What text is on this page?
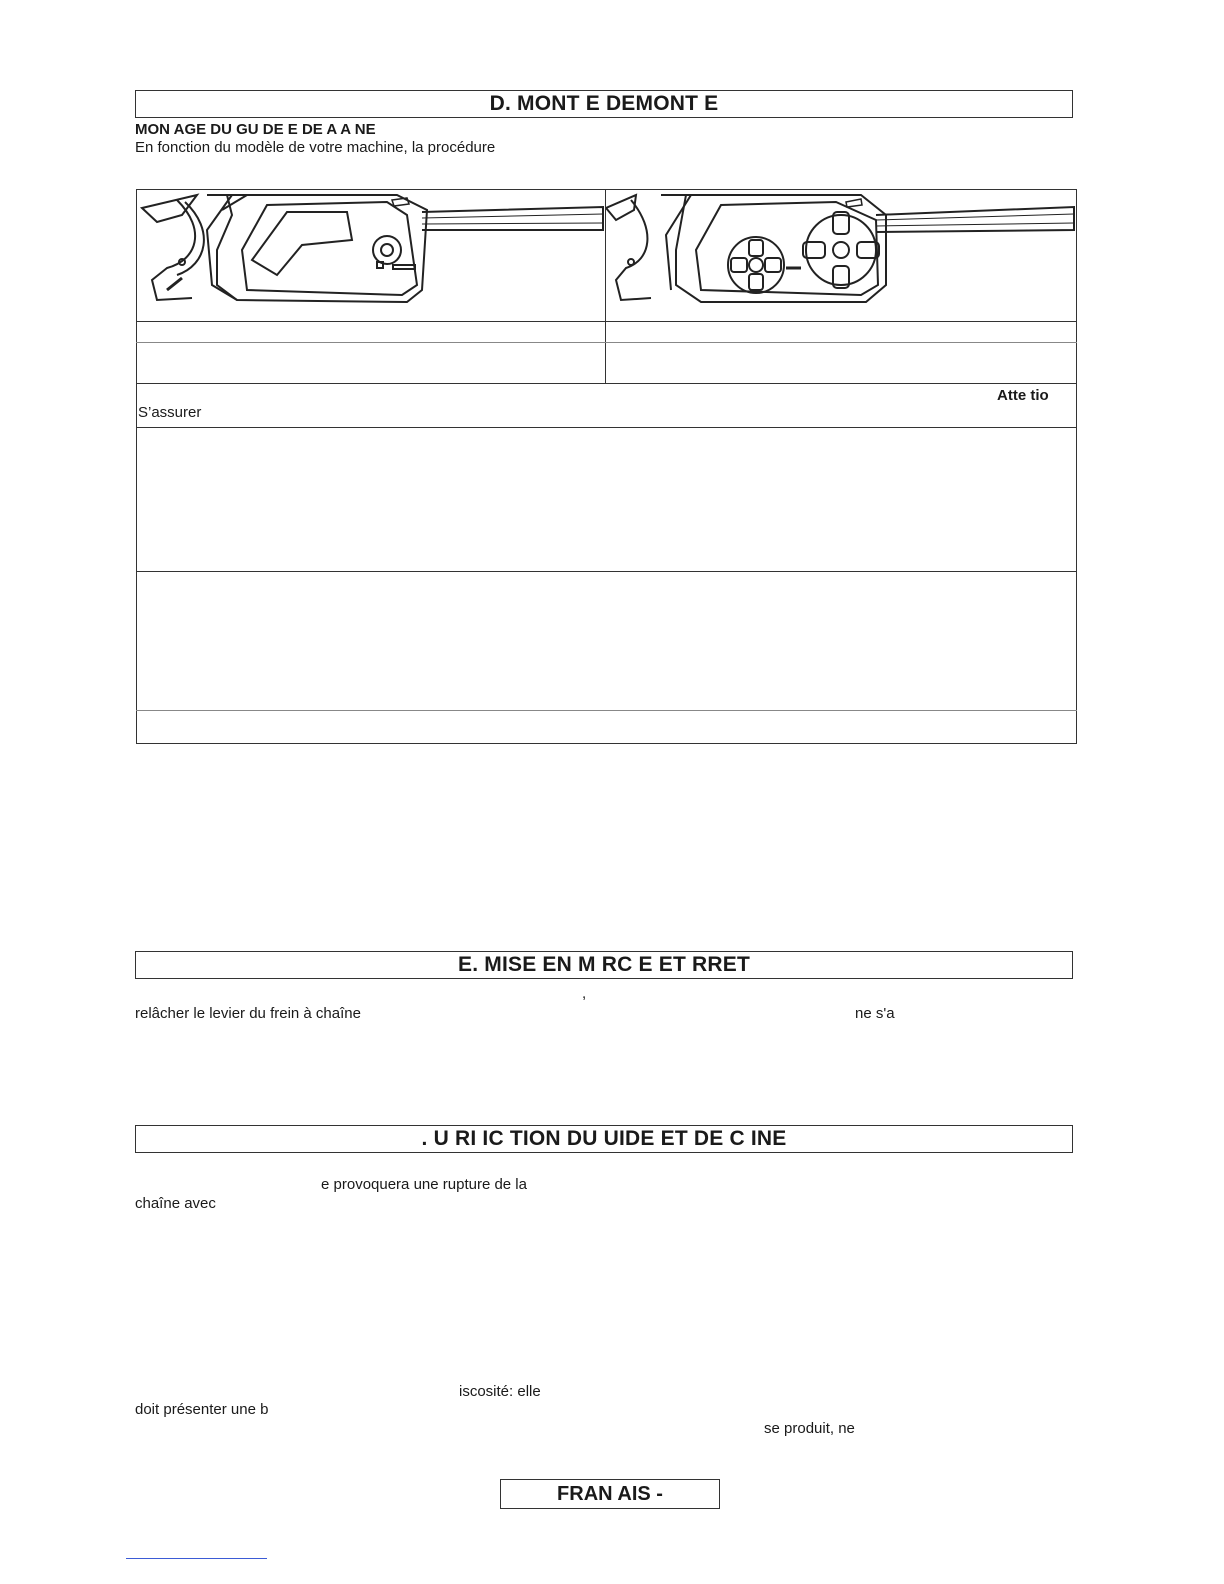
D. MONT E DEMONT E
MON AGE DU GU DE E DE A A NE
En fonction du modèle de votre machine, la procédure
Atte tio
S’assurer
E. MISE EN M RC E ET RRET
,
relâcher le levier du frein à chaîne	ne s'a
. U RI IC TION DU UIDE ET DE C INE
e provoquera une rupture de la
chaîne avec
iscosité: elle
doit présenter une b
se produit, ne
FRAN AIS -
